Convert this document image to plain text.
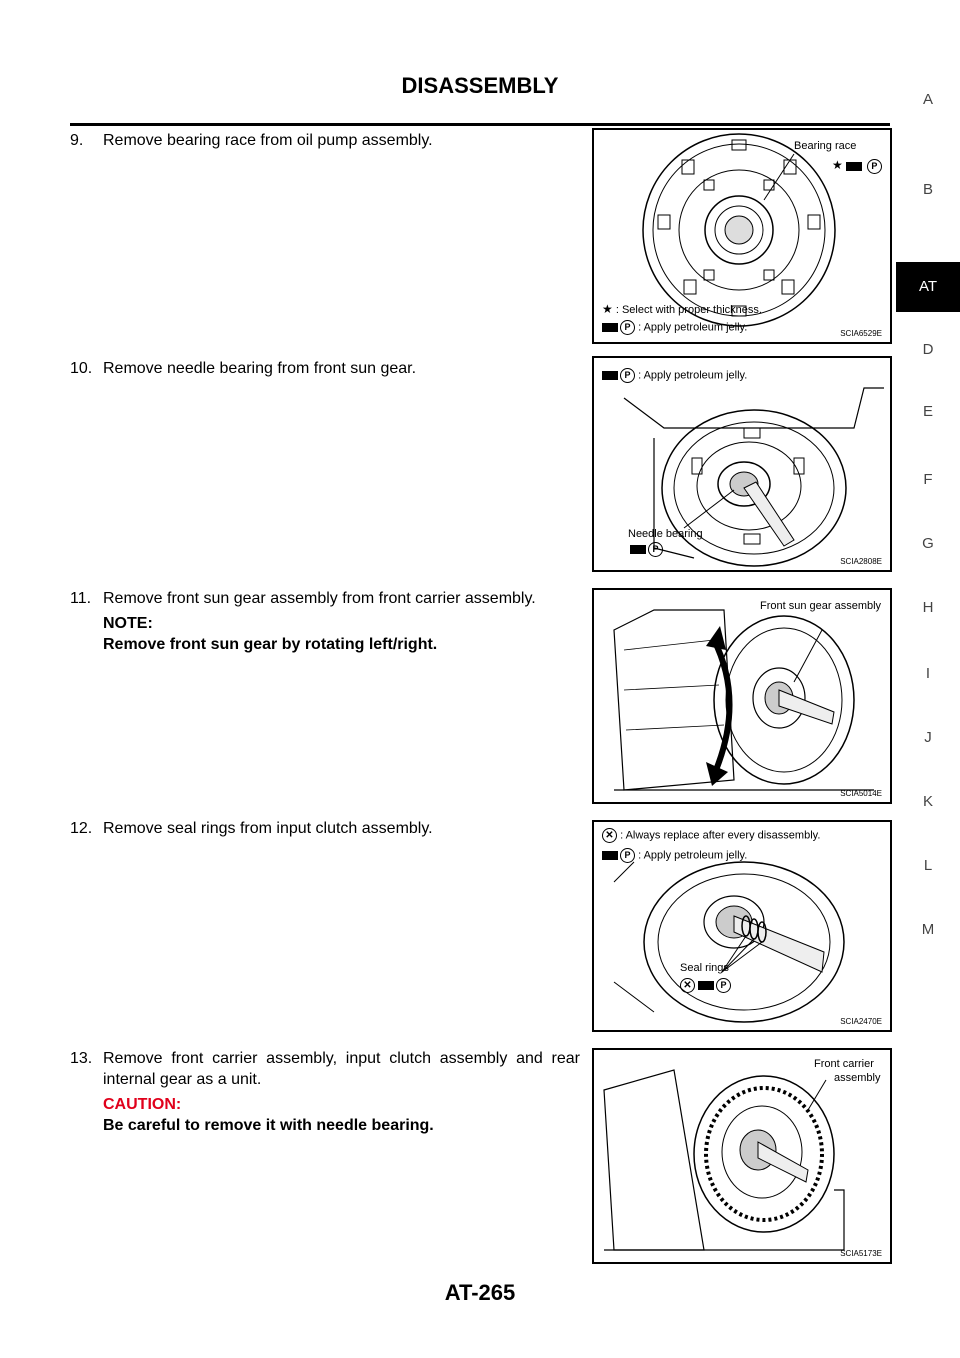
DISASSEMBLY
A
B
AT
D
E
F
G
H
I
J
K
L
M
9. Remove bearing race from oil pump assembly.
10. Remove needle bearing from front sun gear.
11. Remove front sun gear assembly from front carrier assembly.
NOTE:
Remove front sun gear by rotating left/right.
12. Remove seal rings from input clutch assembly.
13. Remove front carrier assembly, input clutch assembly and rear internal gear as a unit.
CAUTION:
Be careful to remove it with needle bearing.
Bearing race
★	P
★ : Select with proper thickness.
P : Apply petroleum jelly.
SCIA6529E
P : Apply petroleum jelly.
Needle bearing
P
SCIA2808E
Front sun gear assembly
SCIA5014E
✕ : Always replace after every disassembly.
P : Apply petroleum jelly.
Seal rings
✕	P
SCIA2470E
Front carrier
assembly
SCIA5173E
AT-265
